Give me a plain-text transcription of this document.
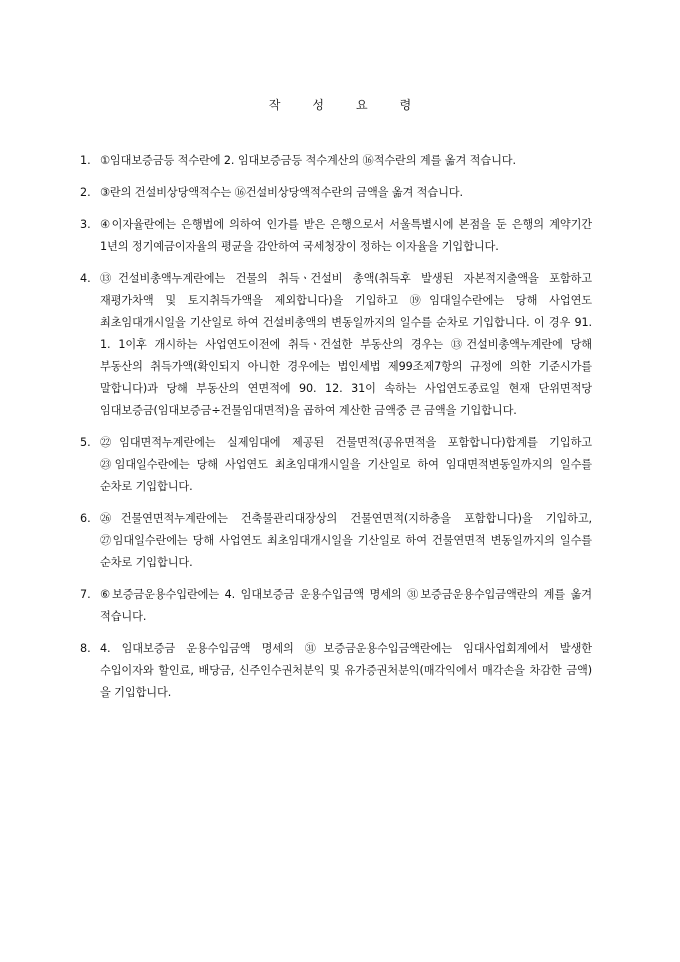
작	성	요	령
1. ①임대보증금등 적수란에 2. 임대보증금등 적수계산의 ⑯적수란의 계를 옮겨 적습니다.
2. ③란의 건설비상당액적수는 ⑯건설비상당액적수란의 금액을 옮겨 적습니다.
3. ④이자율란에는 은행법에 의하여 인가를 받은 은행으로서 서울특별시에 본점을 둔 은행의 계약기간 1년의 정기예금이자율의 평균을 감안하여 국세청장이 정하는 이자율을 기입합니다.
4. ⑬건설비총액누계란에는 건물의 취득ㆍ건설비 총액(취득후 발생된 자본적지출액을 포함하고 재평가차액 및 토지취득가액을 제외합니다)을 기입하고 ⑲임대일수란에는 당해 사업연도 최초임대개시일을 기산일로 하여 건설비총액의 변동일까지의 일수를 순차로 기입합니다. 이 경우 91. 1. 1이후 개시하는 사업연도이전에 취득ㆍ건설한 부동산의 경우는 ⑬건설비총액누계란에 당해 부동산의 취득가액(확인되지 아니한 경우에는 법인세법 제99조제7항의 규정에 의한 기준시가를 말합니다)과 당해 부동산의 연면적에 90. 12. 31이 속하는 사업연도종료일 현재 단위면적당 임대보증금(임대보증금÷건물임대면적)을 곱하여 계산한 금액중 큰 금액을 기입합니다.
5. ㉒임대면적누계란에는 실제임대에 제공된 건물면적(공유면적을 포함합니다)합계를 기입하고 ㉓임대일수란에는 당해 사업연도 최초임대개시일을 기산일로 하여 임대면적변동일까지의 일수를 순차로 기입합니다.
6. ㉖건물연면적누계란에는 건축물관리대장상의 건물연면적(지하층을 포함합니다)을 기입하고, ㉗임대일수란에는 당해 사업연도 최초임대개시일을 기산일로 하여 건물연면적 변동일까지의 일수를 순차로 기입합니다.
7. ⑥보증금운용수입란에는 4. 임대보증금 운용수입금액 명세의 ㉛보증금운용수입금액란의 계를 옮겨 적습니다.
8. 4. 임대보증금 운용수입금액 명세의 ㉛보증금운용수입금액란에는 임대사업회계에서 발생한 수입이자와 할인료, 배당금, 신주인수권처분익 및 유가증권처분익(매각익에서 매각손을 차감한 금액)을 기입합니다.
